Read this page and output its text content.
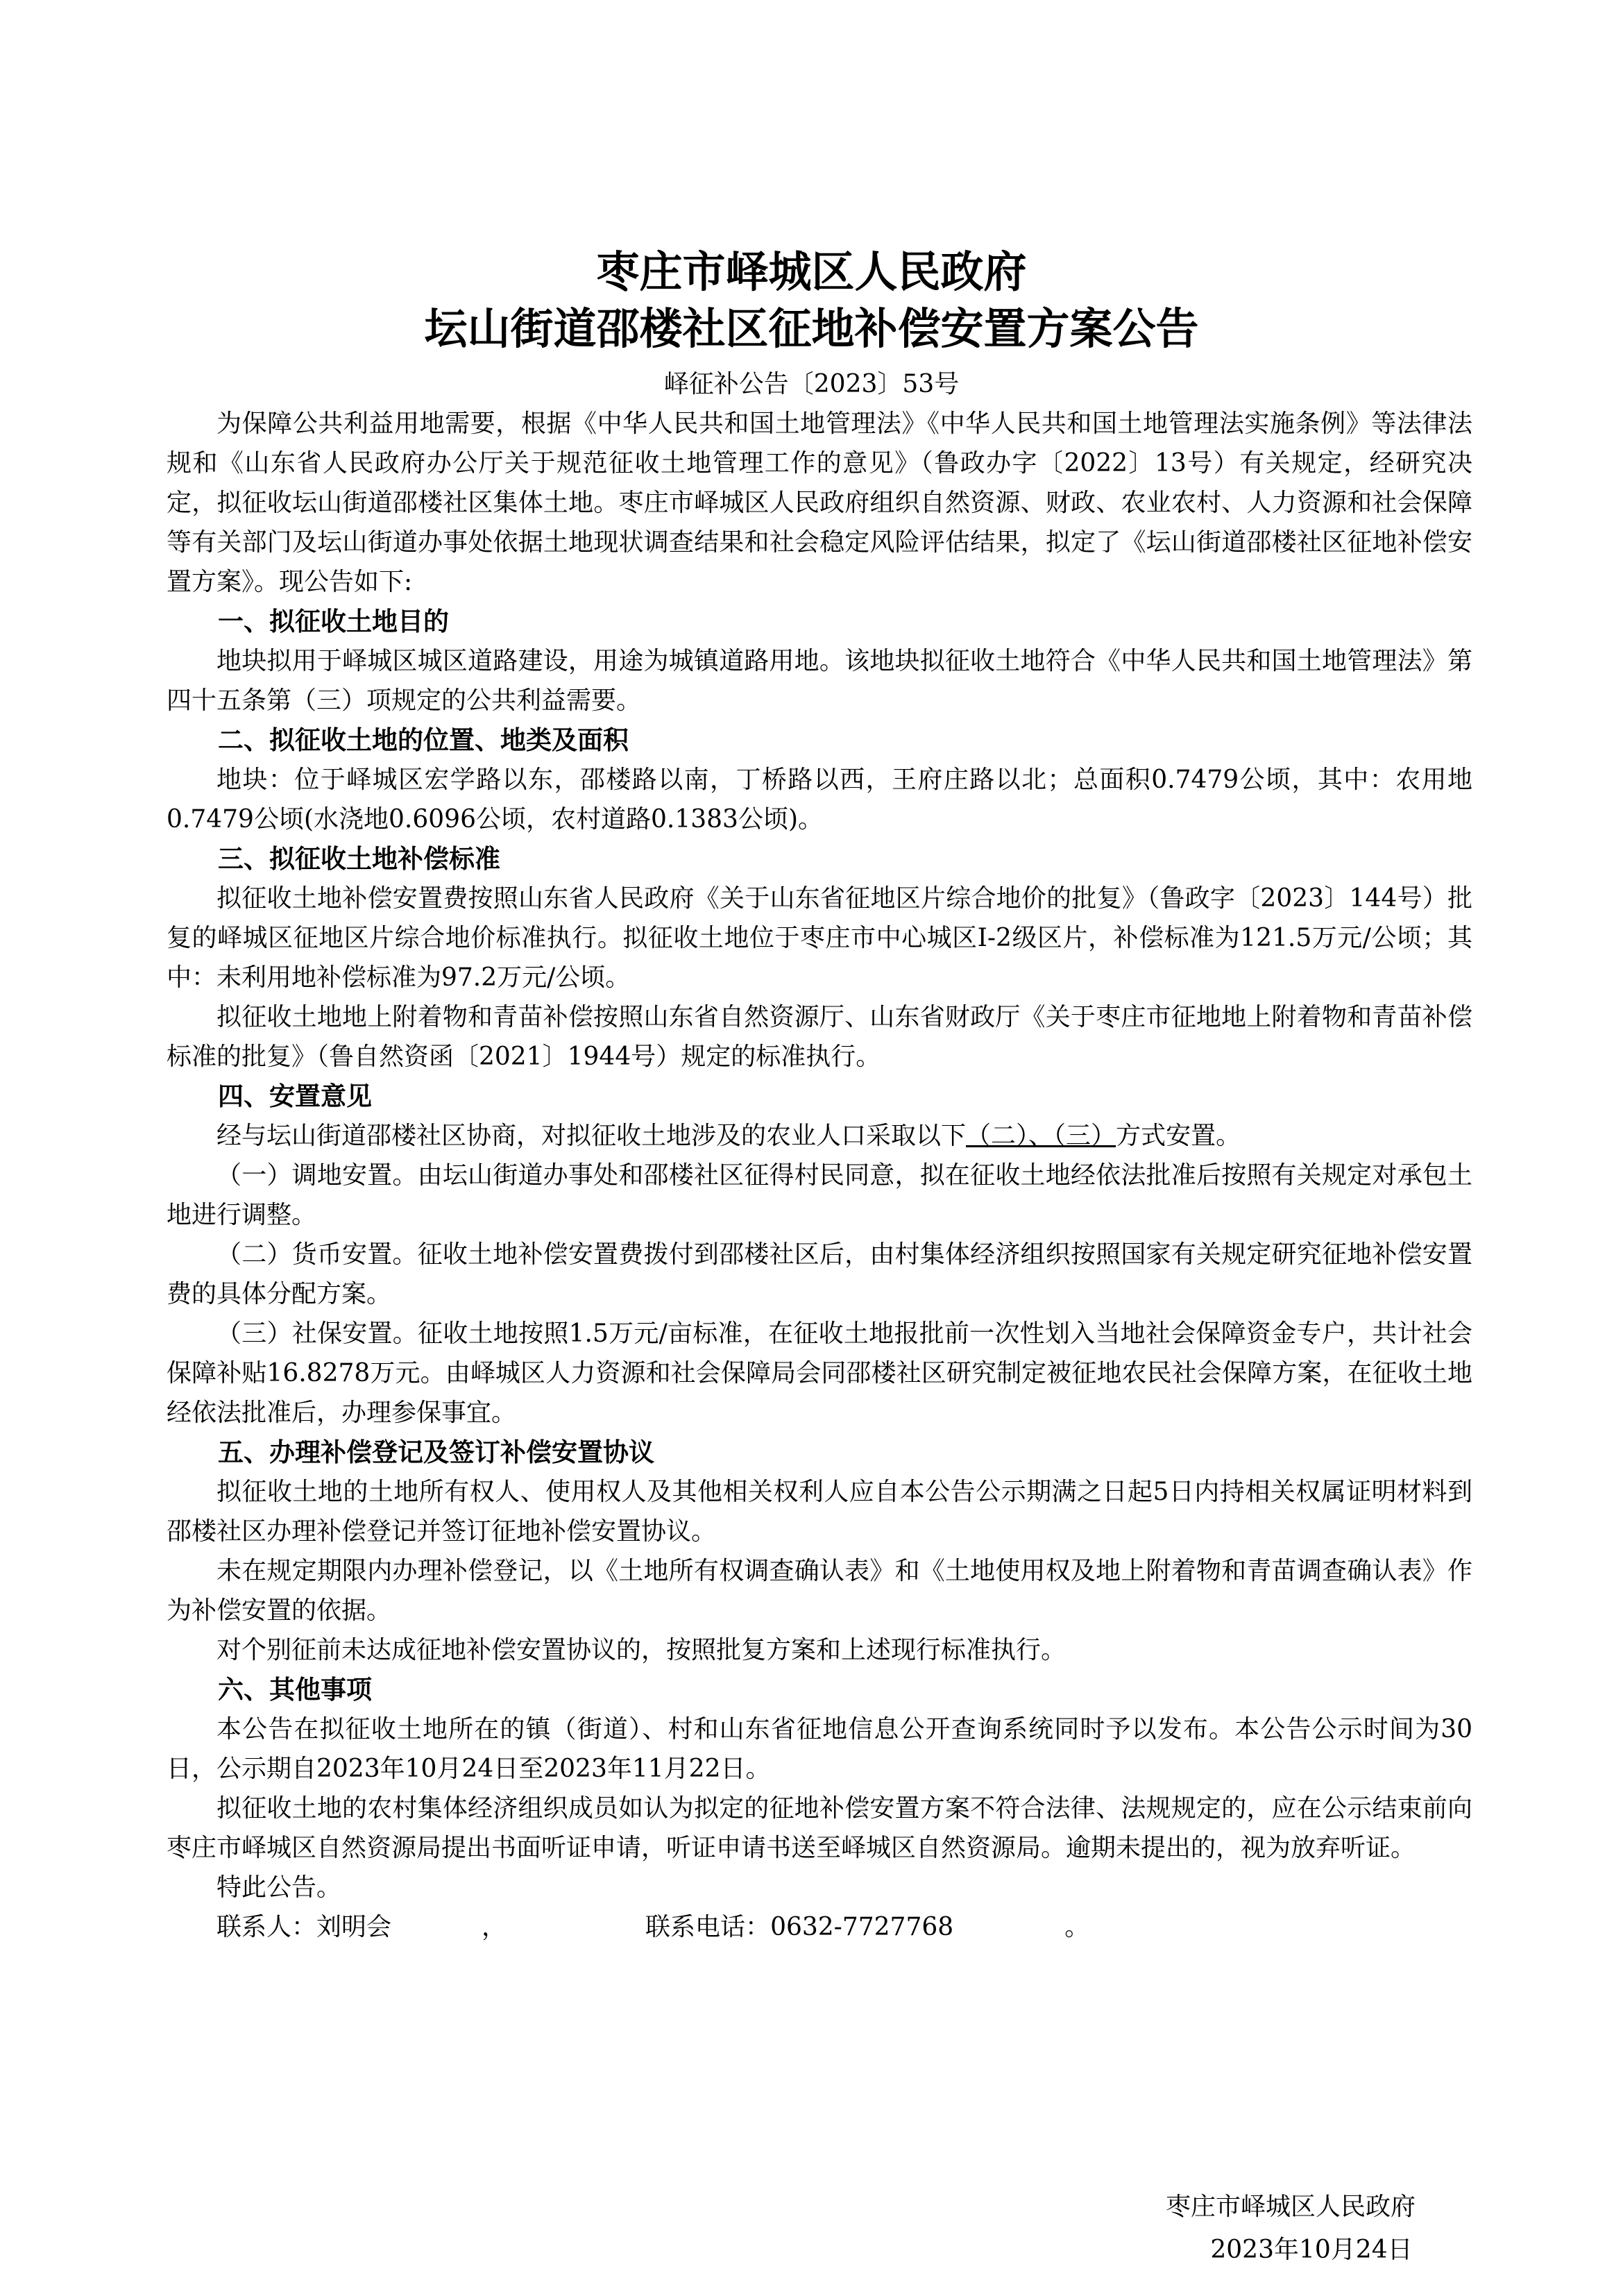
枣庄市峄城区人民政府
坛山街道邵楼社区征地补偿安置方案公告
峄征补公告〔2023〕53号

为保障公共利益用地需要，根据《中华人民共和国土地管理法》《中华人民共和国土地管理法实施条例》等法律法规和《山东省人民政府办公厅关于规范征收土地管理工作的意见》（鲁政办字〔2022〕13号）有关规定，经研究决定，拟征收坛山街道邵楼社区集体土地。枣庄市峄城区人民政府组织自然资源、财政、农业农村、人力资源和社会保障等有关部门及坛山街道办事处依据土地现状调查结果和社会稳定风险评估结果，拟定了《坛山街道邵楼社区征地补偿安置方案》。现公告如下:

一、拟征收土地目的

地块拟用于峄城区城区道路建设，用途为城镇道路用地。该地块拟征收土地符合《中华人民共和国土地管理法》第四十五条第（三）项规定的公共利益需要。

二、拟征收土地的位置、地类及面积

地块：位于峄城区宏学路以东，邵楼路以南，丁桥路以西，王府庄路以北；总面积0.7479公顷，其中：农用地0.7479公顷(水浇地0.6096公顷，农村道路0.1383公顷)。

三、拟征收土地补偿标准

拟征收土地补偿安置费按照山东省人民政府《关于山东省征地区片综合地价的批复》（鲁政字〔2023〕144号）批复的峄城区征地区片综合地价标准执行。拟征收土地位于枣庄市中心城区I-2级区片，补偿标准为121.5万元/公顷；其中：未利用地补偿标准为97.2万元/公顷。

拟征收土地地上附着物和青苗补偿按照山东省自然资源厅、山东省财政厅《关于枣庄市征地地上附着物和青苗补偿标准的批复》（鲁自然资函〔2021〕1944号）规定的标准执行。

四、安置意见

经与坛山街道邵楼社区协商，对拟征收土地涉及的农业人口采取以下（二）、（三）方式安置。

（一）调地安置。由坛山街道办事处和邵楼社区征得村民同意，拟在征收土地经依法批准后按照有关规定对承包土地进行调整。

（二）货币安置。征收土地补偿安置费拨付到邵楼社区后，由村集体经济组织按照国家有关规定研究征地补偿安置费的具体分配方案。

（三）社保安置。征收土地按照1.5万元/亩标准，在征收土地报批前一次性划入当地社会保障资金专户，共计社会保障补贴16.8278万元。由峄城区人力资源和社会保障局会同邵楼社区研究制定被征地农民社会保障方案，在征收土地经依法批准后，办理参保事宜。

五、办理补偿登记及签订补偿安置协议

拟征收土地的土地所有权人、使用权人及其他相关权利人应自本公告公示期满之日起5日内持相关权属证明材料到邵楼社区办理补偿登记并签订征地补偿安置协议。

未在规定期限内办理补偿登记，以《土地所有权调查确认表》和《土地使用权及地上附着物和青苗调查确认表》作为补偿安置的依据。

对个别征前未达成征地补偿安置协议的，按照批复方案和上述现行标准执行。

六、其他事项

本公告在拟征收土地所在的镇（街道）、村和山东省征地信息公开查询系统同时予以发布。本公告公示时间为30日，公示期自2023年10月24日至2023年11月22日。

拟征收土地的农村集体经济组织成员如认为拟定的征地补偿安置方案不符合法律、法规规定的，应在公示结束前向枣庄市峄城区自然资源局提出书面听证申请，听证申请书送至峄城区自然资源局。逾期未提出的，视为放弃听证。

特此公告。

联系人：刘明会	，	联系电话：0632-7727768	。

枣庄市峄城区人民政府
2023年10月24日
